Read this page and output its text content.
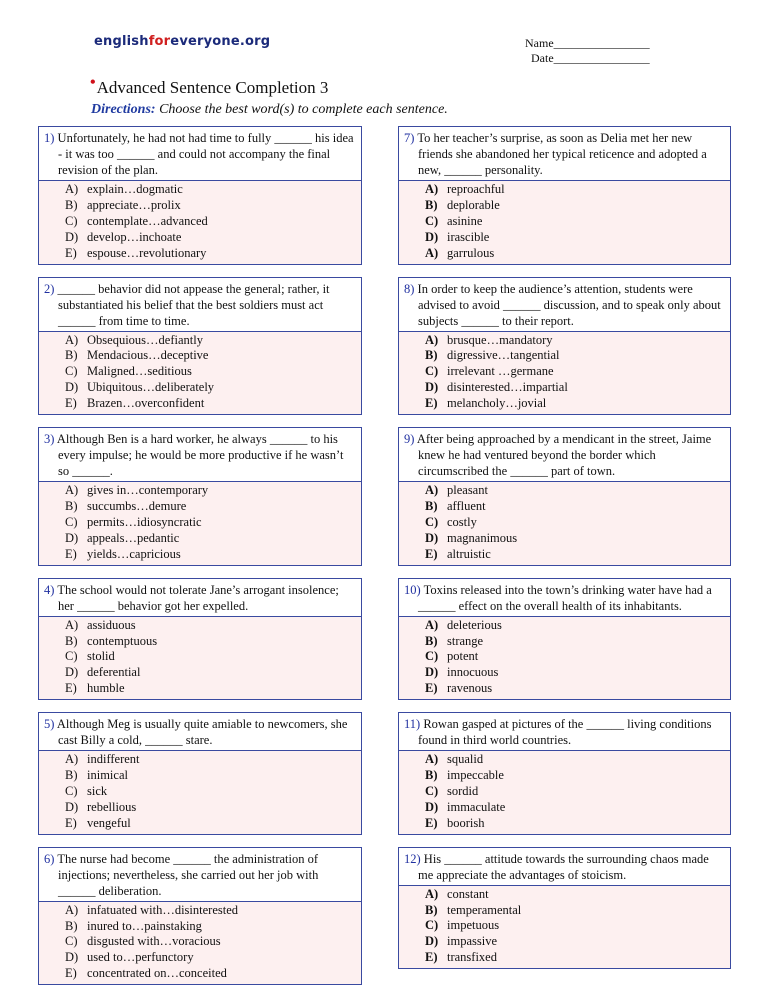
englishforeveryone.org	Name________________
Date________________
•Advanced Sentence Completion 3
Directions: Choose the best word(s) to complete each sentence.
1) Unfortunately, he had not had time to fully ______ his idea - it was too ______ and could not accompany the final revision of the plan.
A) explain…dogmatic
B) appreciate…prolix
C) contemplate…advanced
D) develop…inchoate
E) espouse…revolutionary
2) ______ behavior did not appease the general; rather, it substantiated his belief that the best soldiers must act ______ from time to time.
A) Obsequious…defiantly
B) Mendacious…deceptive
C) Maligned…seditious
D) Ubiquitous…deliberately
E) Brazen…overconfident
3) Although Ben is a hard worker, he always ______ to his every impulse; he would be more productive if he wasn’t so ______.
A) gives in…contemporary
B) succumbs…demure
C) permits…idiosyncratic
D) appeals…pedantic
E) yields…capricious
4) The school would not tolerate Jane’s arrogant insolence; her ______ behavior got her expelled.
A) assiduous
B) contemptuous
C) stolid
D) deferential
E) humble
5) Although Meg is usually quite amiable to newcomers, she cast Billy a cold, ______ stare.
A) indifferent
B) inimical
C) sick
D) rebellious
E) vengeful
6) The nurse had become ______ the administration of injections; nevertheless, she carried out her job with ______ deliberation.
A) infatuated with…disinterested
B) inured to…painstaking
C) disgusted with…voracious
D) used to…perfunctory
E) concentrated on…conceited
7) To her teacher’s surprise, as soon as Delia met her new friends she abandoned her typical reticence and adopted a new, ______ personality.
A) reproachful
B) deplorable
C) asinine
D) irascible
A) garrulous
8) In order to keep the audience’s attention, students were advised to avoid ______ discussion, and to speak only about subjects ______ to their report.
A) brusque…mandatory
B) digressive…tangential
C) irrelevant …germane
D) disinterested…impartial
E) melancholy…jovial
9) After being approached by a mendicant in the street, Jaime knew he had ventured beyond the border which circumscribed the ______ part of town.
A) pleasant
B) affluent
C) costly
D) magnanimous
E) altruistic
10) Toxins released into the town’s drinking water have had a ______ effect on the overall health of its inhabitants.
A) deleterious
B) strange
C) potent
D) innocuous
E) ravenous
11) Rowan gasped at pictures of the ______ living conditions found in third world countries.
A) squalid
B) impeccable
C) sordid
D) immaculate
E) boorish
12) His ______ attitude towards the surrounding chaos made me appreciate the advantages of stoicism.
A) constant
B) temperamental
C) impetuous
D) impassive
E) transfixed
